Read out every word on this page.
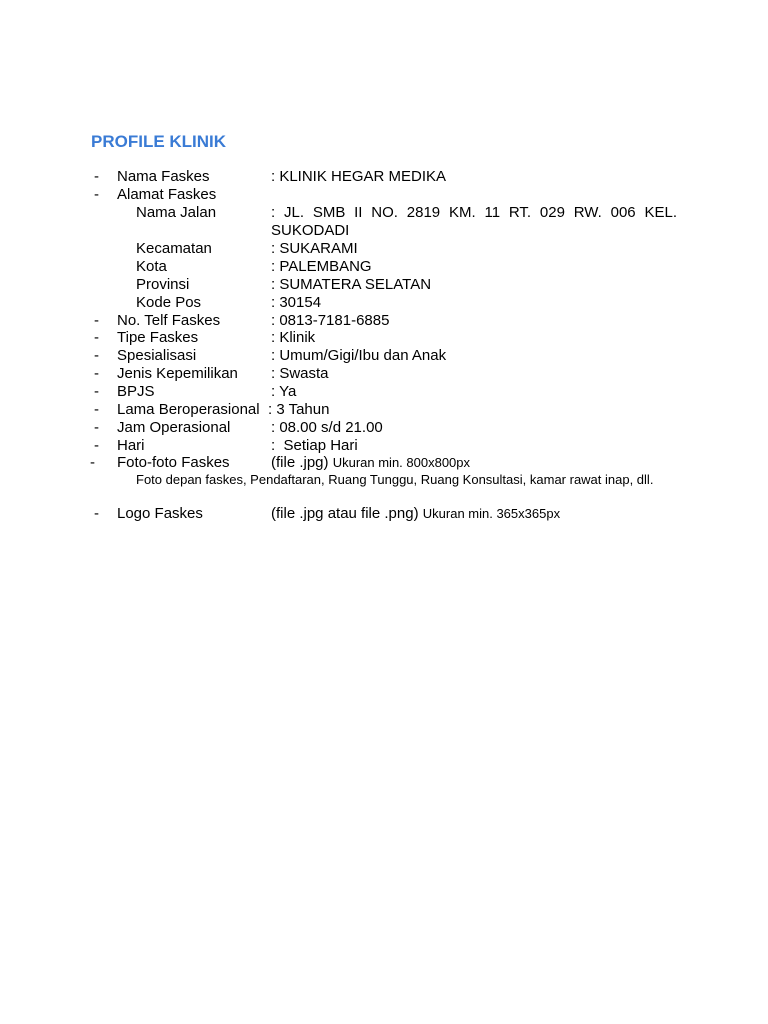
PROFILE KLINIK
- Nama Faskes	: KLINIK HEGAR MEDIKA
- Alamat Faskes
Nama Jalan	: JL. SMB II NO. 2819 KM. 11 RT. 029 RW. 006 KEL. SUKODADI
Kecamatan	: SUKARAMI
Kota	: PALEMBANG
Provinsi	: SUMATERA SELATAN
Kode Pos	: 30154
- No. Telf Faskes	: 0813-7181-6885
- Tipe Faskes	: Klinik
- Spesialisasi	: Umum/Gigi/Ibu dan Anak
- Jenis Kepemilikan : Swasta
- BPJS	: Ya
- Lama Beroperasional : 3 Tahun
- Jam Operasional	: 08.00 s/d 21.00
- Hari	:  Setiap Hari
- Foto-foto Faskes	(file .jpg) Ukuran min. 800x800px
Foto depan faskes, Pendaftaran, Ruang Tunggu, Ruang Konsultasi, kamar rawat inap, dll.
- Logo Faskes	(file .jpg atau file .png) Ukuran min. 365x365px
